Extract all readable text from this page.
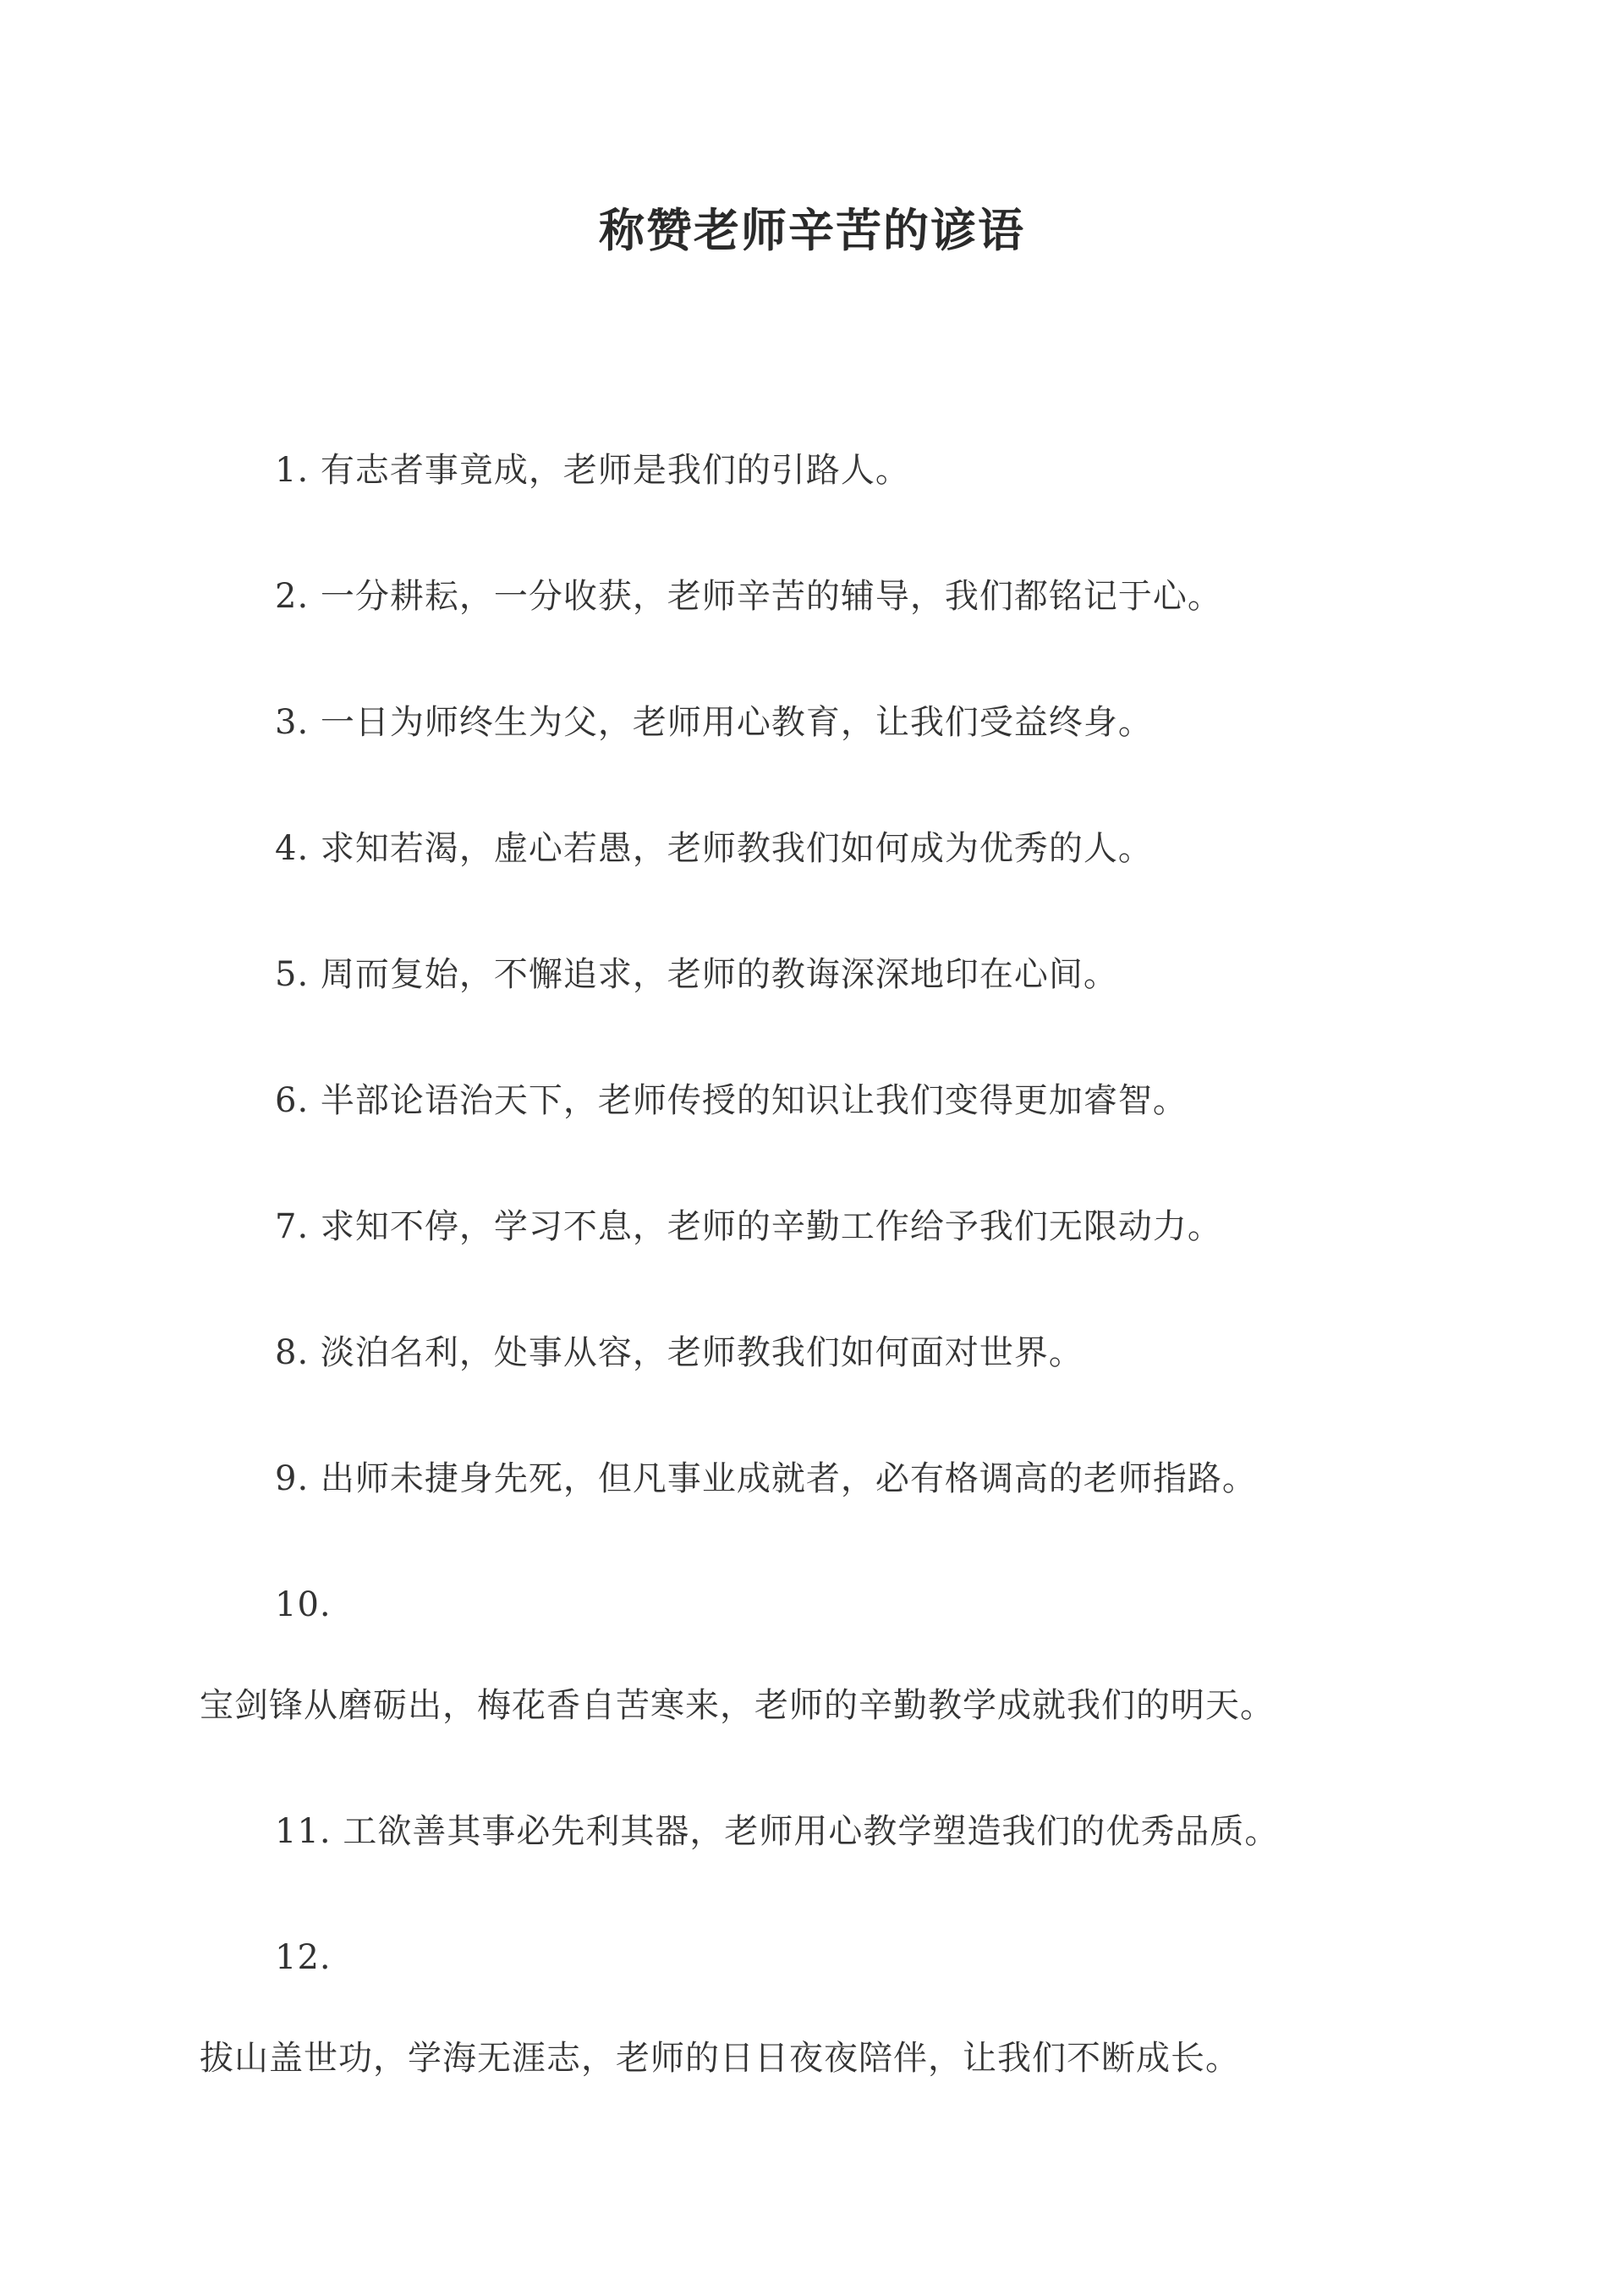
称赞老师辛苦的谚语
1. 有志者事竟成，老师是我们的引路人。
2. 一分耕耘，一分收获，老师辛苦的辅导，我们都铭记于心。
3. 一日为师终生为父，老师用心教育，让我们受益终身。
4. 求知若渴，虚心若愚，老师教我们如何成为优秀的人。
5. 周而复始，不懈追求，老师的教诲深深地印在心间。
6. 半部论语治天下，老师传授的知识让我们变得更加睿智。
7. 求知不停，学习不息，老师的辛勤工作给予我们无限动力。
8. 淡泊名利，处事从容，老师教我们如何面对世界。
9. 出师未捷身先死，但凡事业成就者，必有格调高的老师指路。
10.
宝剑锋从磨砺出，梅花香自苦寒来，老师的辛勤教学成就我们的明天。
11. 工欲善其事必先利其器，老师用心教学塑造我们的优秀品质。
12.
拔山盖世功，学海无涯志，老师的日日夜夜陪伴，让我们不断成长。
